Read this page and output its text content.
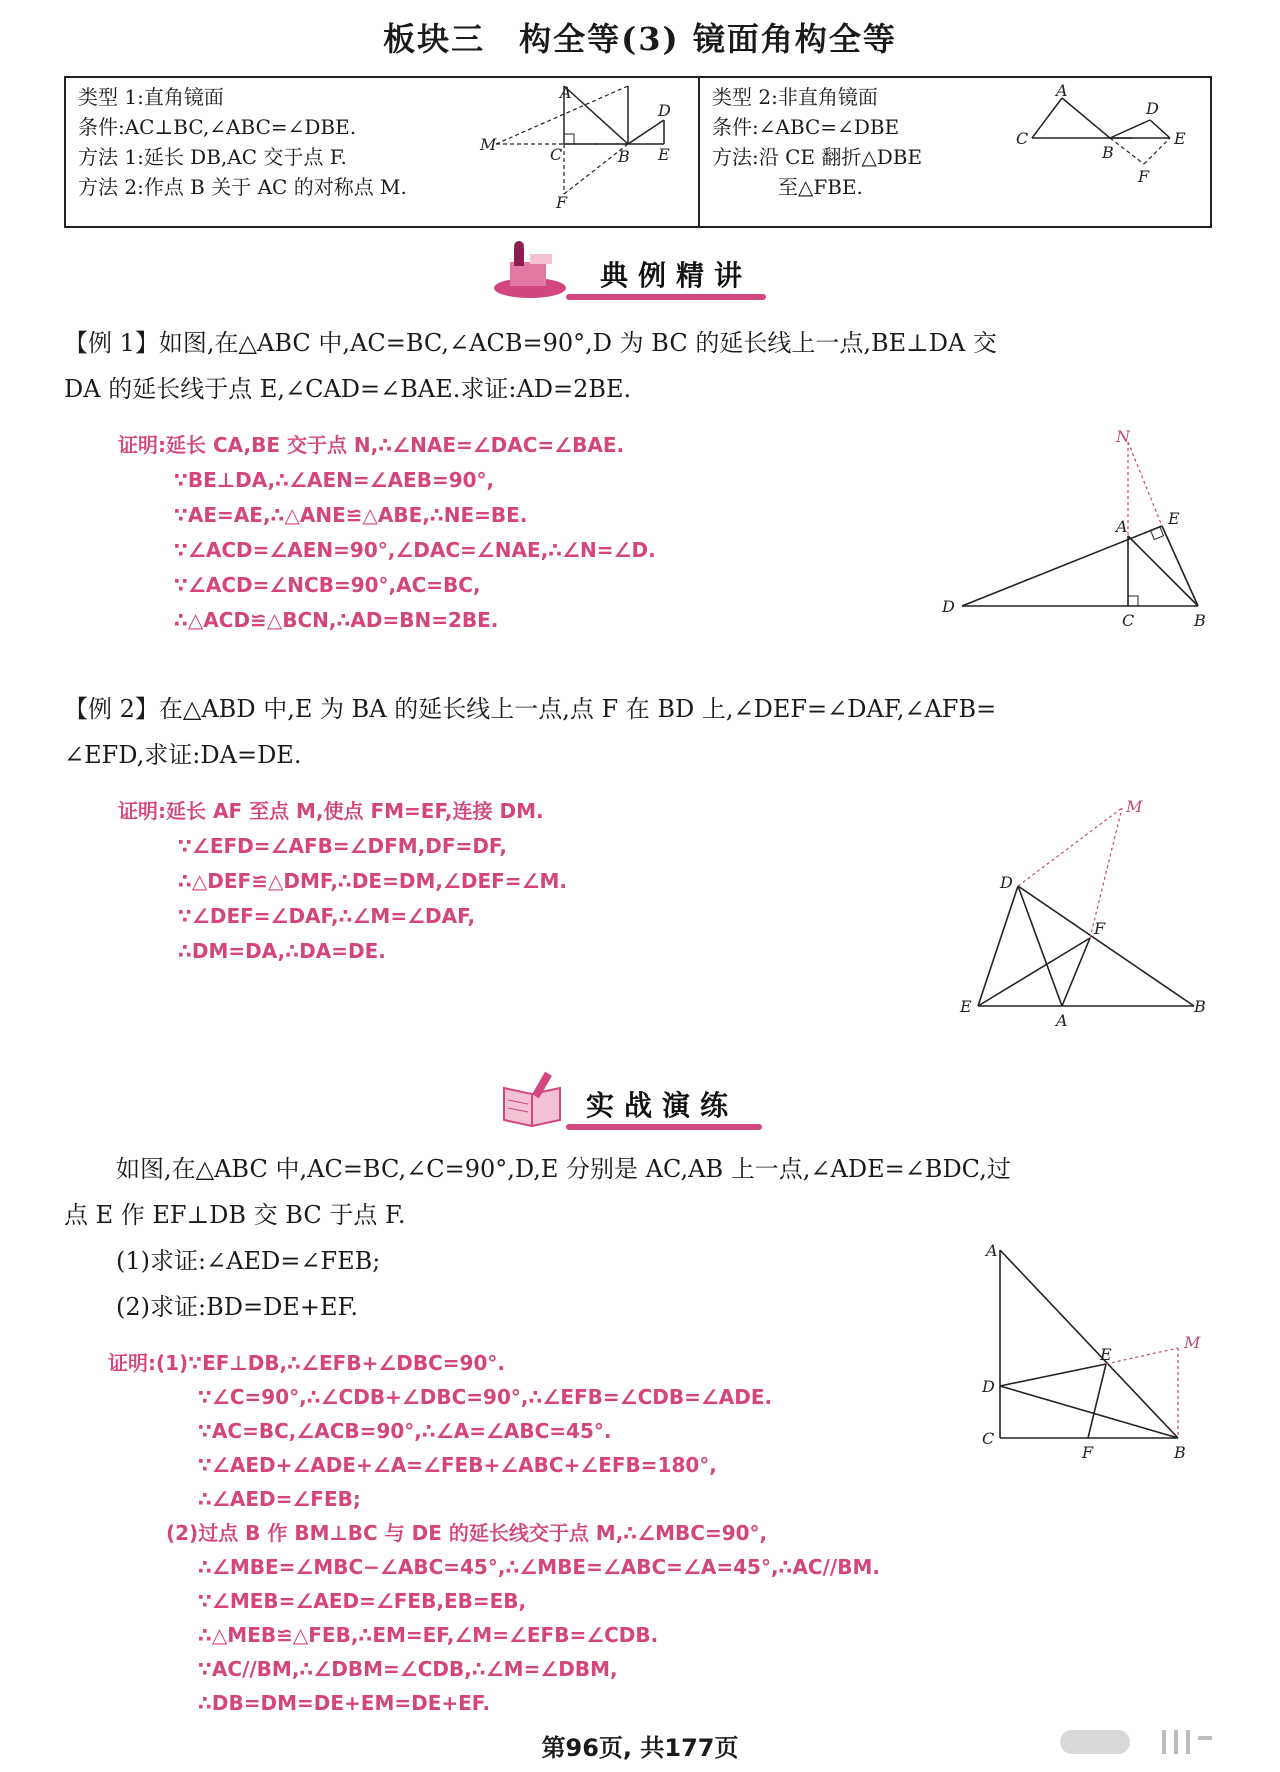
板块三　构全等(3) 镜面角构全等
类型 1:直角镜面
条件:AC⊥BC,∠ABC=∠DBE.
方法 1:延长 DB,AC 交于点 F.
方法 2:作点 B 关于 AC 的对称点 M.
A
D
M
C	B E
F
类型 2:非直角镜面
条件:∠ABC=∠DBE
方法:沿 CE 翻折△DBE
至△FBE.
A
D
C
B
E
F
典例精讲
【例 1】如图,在△ABC 中,AC=BC,∠ACB=90°,D 为 BC 的延长线上一点,BE⊥DA 交
DA 的延长线于点 E,∠CAD=∠BAE.求证:AD=2BE.
证明:延长 CA,BE 交于点 N,∴∠NAE=∠DAC=∠BAE.
∵BE⊥DA,∴∠AEN=∠AEB=90°,
∵AE=AE,∴△ANE≌△ABE,∴NE=BE.
∵∠ACD=∠AEN=90°,∠DAC=∠NAE,∴∠N=∠D.
∵∠ACD=∠NCB=90°,AC=BC,
∴△ACD≌△BCN,∴AD=BN=2BE.
N
A	E
D
C	B
【例 2】在△ABD 中,E 为 BA 的延长线上一点,点 F 在 BD 上,∠DEF=∠DAF,∠AFB=
∠EFD,求证:DA=DE.
证明:延长 AF 至点 M,使点 FM=EF,连接 DM.
∵∠EFD=∠AFB=∠DFM,DF=DF,
∴△DEF≌△DMF,∴DE=DM,∠DEF=∠M.
∵∠DEF=∠DAF,∴∠M=∠DAF,
∴DM=DA,∴DA=DE.
M
D
F
E
A
B
实战演练
如图,在△ABC 中,AC=BC,∠C=90°,D,E 分别是 AC,AB 上一点,∠ADE=∠BDC,过
点 E 作 EF⊥DB 交 BC 于点 F.
(1)求证:∠AED=∠FEB;
(2)求证:BD=DE+EF.
证明:(1)∵EF⊥DB,∴∠EFB+∠DBC=90°.
∵∠C=90°,∴∠CDB+∠DBC=90°,∴∠EFB=∠CDB=∠ADE.
∵AC=BC,∠ACB=90°,∴∠A=∠ABC=45°.
∵∠AED+∠ADE+∠A=∠FEB+∠ABC+∠EFB=180°,
∴∠AED=∠FEB;
(2)过点 B 作 BM⊥BC 与 DE 的延长线交于点 M,∴∠MBC=90°,
∴∠MBE=∠MBC−∠ABC=45°,∴∠MBE=∠ABC=∠A=45°,∴AC//BM.
∵∠MEB=∠AED=∠FEB,EB=EB,
∴△MEB≌△FEB,∴EM=EF,∠M=∠EFB=∠CDB.
∵AC//BM,∴∠DBM=∠CDB,∴∠M=∠DBM,
∴DB=DM=DE+EM=DE+EF.
A
E
M
D
C
F	B
第96页, 共177页
